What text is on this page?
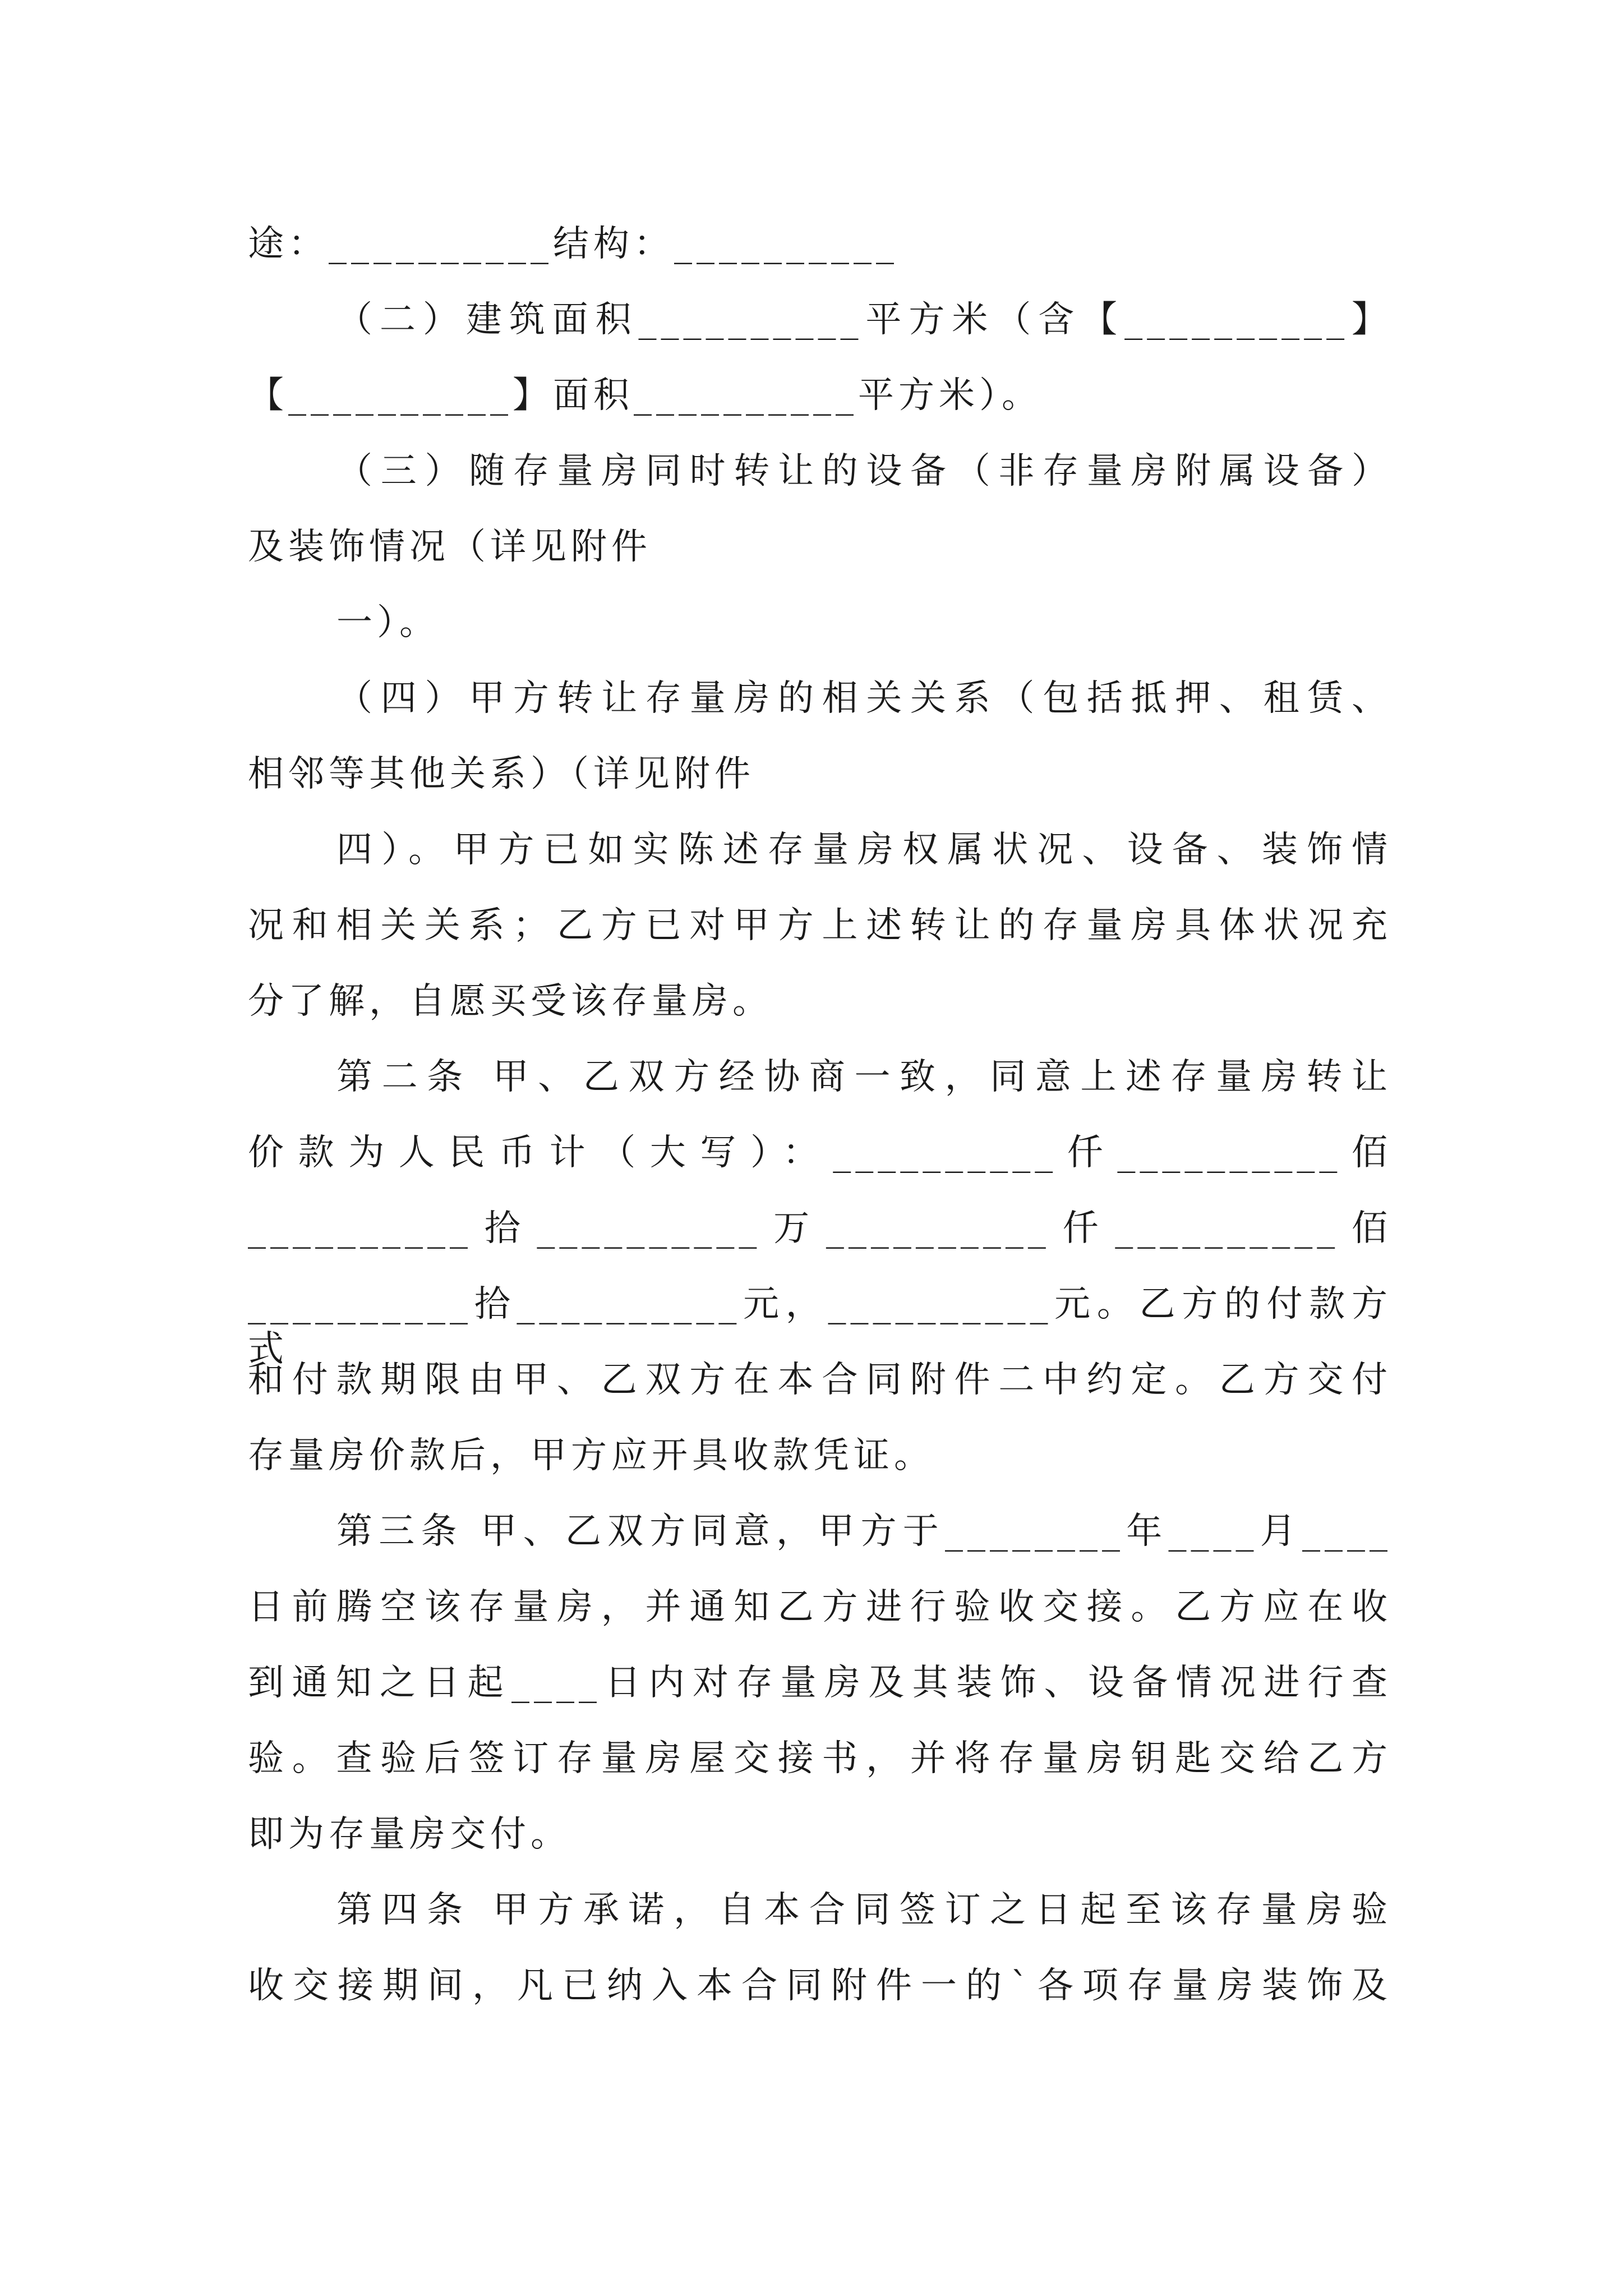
途：__________结构：__________
（二）建筑面积__________平方米（含【__________】
【__________】面积__________平方米）。
（三）随存量房同时转让的设备（非存量房附属设备）
及装饰情况（详见附件
一）。
（四）甲方转让存量房的相关关系（包括抵押、租赁、
相邻等其他关系）（详见附件
四）。甲方已如实陈述存量房权属状况、设备、装饰情
况和相关关系；乙方已对甲方上述转让的存量房具体状况充
分了解，自愿买受该存量房。
第二条 甲、乙双方经协商一致，同意上述存量房转让
价款为人民币计（大写）：__________仟__________佰
__________拾__________万__________仟__________佰
__________拾__________元，__________元。乙方的付款方式
和付款期限由甲、乙双方在本合同附件二中约定。乙方交付
存量房价款后，甲方应开具收款凭证。
第三条 甲、乙双方同意，甲方于________年____月____
日前腾空该存量房，并通知乙方进行验收交接。乙方应在收
到通知之日起____日内对存量房及其装饰、设备情况进行查
验。查验后签订存量房屋交接书，并将存量房钥匙交给乙方
即为存量房交付。
第四条 甲方承诺，自本合同签订之日起至该存量房验
收交接期间，凡已纳入本合同附件一的`各项存量房装饰及
